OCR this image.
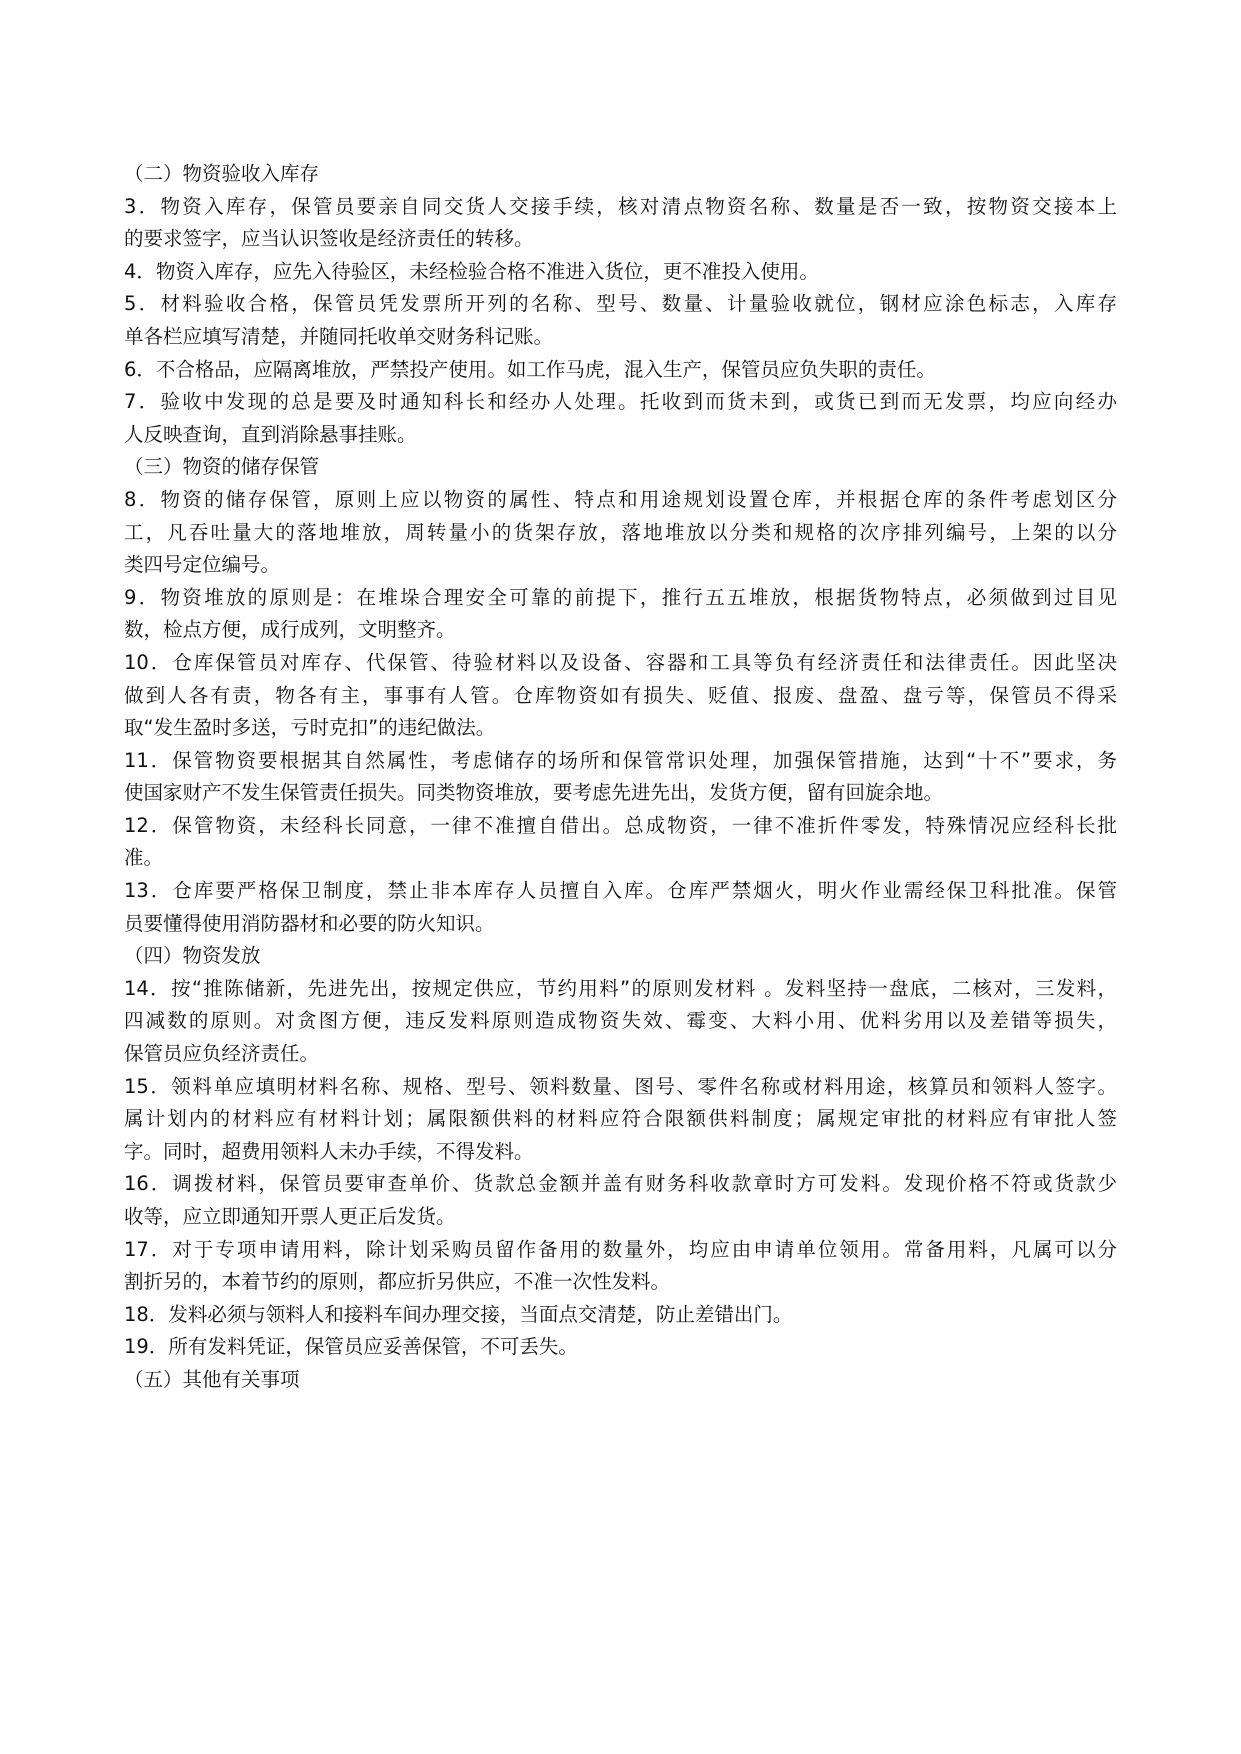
（二）物资验收入库存

3．物资入库存，保管员要亲自同交货人交接手续，核对清点物资名称、数量是否一致，按物资交接本上

的要求签字，应当认识签收是经济责任的转移。

4．物资入库存，应先入待验区，未经检验合格不准进入货位，更不准投入使用。

5．材料验收合格，保管员凭发票所开列的名称、型号、数量、计量验收就位，钢材应涂色标志，入库存

单各栏应填写清楚，并随同托收单交财务科记账。

6．不合格品，应隔离堆放，严禁投产使用。如工作马虎，混入生产，保管员应负失职的责任。

7．验收中发现的总是要及时通知科长和经办人处理。托收到而货未到，或货已到而无发票，均应向经办

人反映查询，直到消除悬事挂账。

（三）物资的储存保管

8．物资的储存保管，原则上应以物资的属性、特点和用途规划设置仓库，并根据仓库的条件考虑划区分

工，凡吞吐量大的落地堆放，周转量小的货架存放，落地堆放以分类和规格的次序排列编号，上架的以分

类四号定位编号。

9．物资堆放的原则是：在堆垛合理安全可靠的前提下，推行五五堆放，根据货物特点，必须做到过目见

数，检点方便，成行成列，文明整齐。

10．仓库保管员对库存、代保管、待验材料以及设备、容器和工具等负有经济责任和法律责任。因此坚决

做到人各有责，物各有主，事事有人管。仓库物资如有损失、贬值、报废、盘盈、盘亏等，保管员不得采

取“发生盈时多送，亏时克扣”的违纪做法。

11．保管物资要根据其自然属性，考虑储存的场所和保管常识处理，加强保管措施，达到“十不”要求，务

使国家财产不发生保管责任损失。同类物资堆放，要考虑先进先出，发货方便，留有回旋余地。

12．保管物资，未经科长同意，一律不准擅自借出。总成物资，一律不准折件零发，特殊情况应经科长批

准。

13．仓库要严格保卫制度，禁止非本库存人员擅自入库。仓库严禁烟火，明火作业需经保卫科批准。保管

员要懂得使用消防器材和必要的防火知识。

（四）物资发放

14．按“推陈储新，先进先出，按规定供应，节约用料”的原则发材料 。发料坚持一盘底，二核对，三发料，

四减数的原则。对贪图方便，违反发料原则造成物资失效、霉变、大料小用、优料劣用以及差错等损失，

保管员应负经济责任。

15．领料单应填明材料名称、规格、型号、领料数量、图号、零件名称或材料用途，核算员和领料人签字。

属计划内的材料应有材料计划；属限额供料的材料应符合限额供料制度；属规定审批的材料应有审批人签

字。同时，超费用领料人未办手续，不得发料。

16．调拨材料，保管员要审查单价、货款总金额并盖有财务科收款章时方可发料。发现价格不符或货款少

收等，应立即通知开票人更正后发货。

17．对于专项申请用料，除计划采购员留作备用的数量外，均应由申请单位领用。常备用料，凡属可以分

割折另的，本着节约的原则，都应折另供应，不准一次性发料。

18．发料必须与领料人和接料车间办理交接，当面点交清楚，防止差错出门。

19．所有发料凭证，保管员应妥善保管，不可丢失。

（五）其他有关事项
